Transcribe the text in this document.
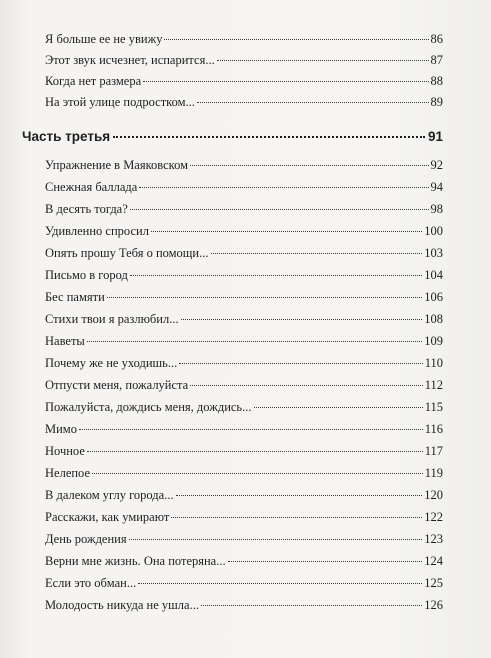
Я больше ее не увижу	86
Этот звук исчезнет, испарится...	87
Когда нет размера	88
На этой улице подростком...	89
Часть третья	91
Упражнение в Маяковском	92
Снежная баллада	94
В десять тогда?	98
Удивленно спросил	100
Опять прошу Тебя о помощи...	103
Письмо в город	104
Бес памяти	106
Стихи твои я разлюбил...	108
Наветы	109
Почему же не уходишь...	110
Отпусти меня, пожалуйста	112
Пожалуйста, дождись меня, дождись...	115
Мимо	116
Ночное	117
Нелепое	119
В далеком углу города...	120
Расскажи, как умирают	122
День рождения	123
Верни мне жизнь. Она потеряна...	124
Если это обман...	125
Молодость никуда не ушла...	126
